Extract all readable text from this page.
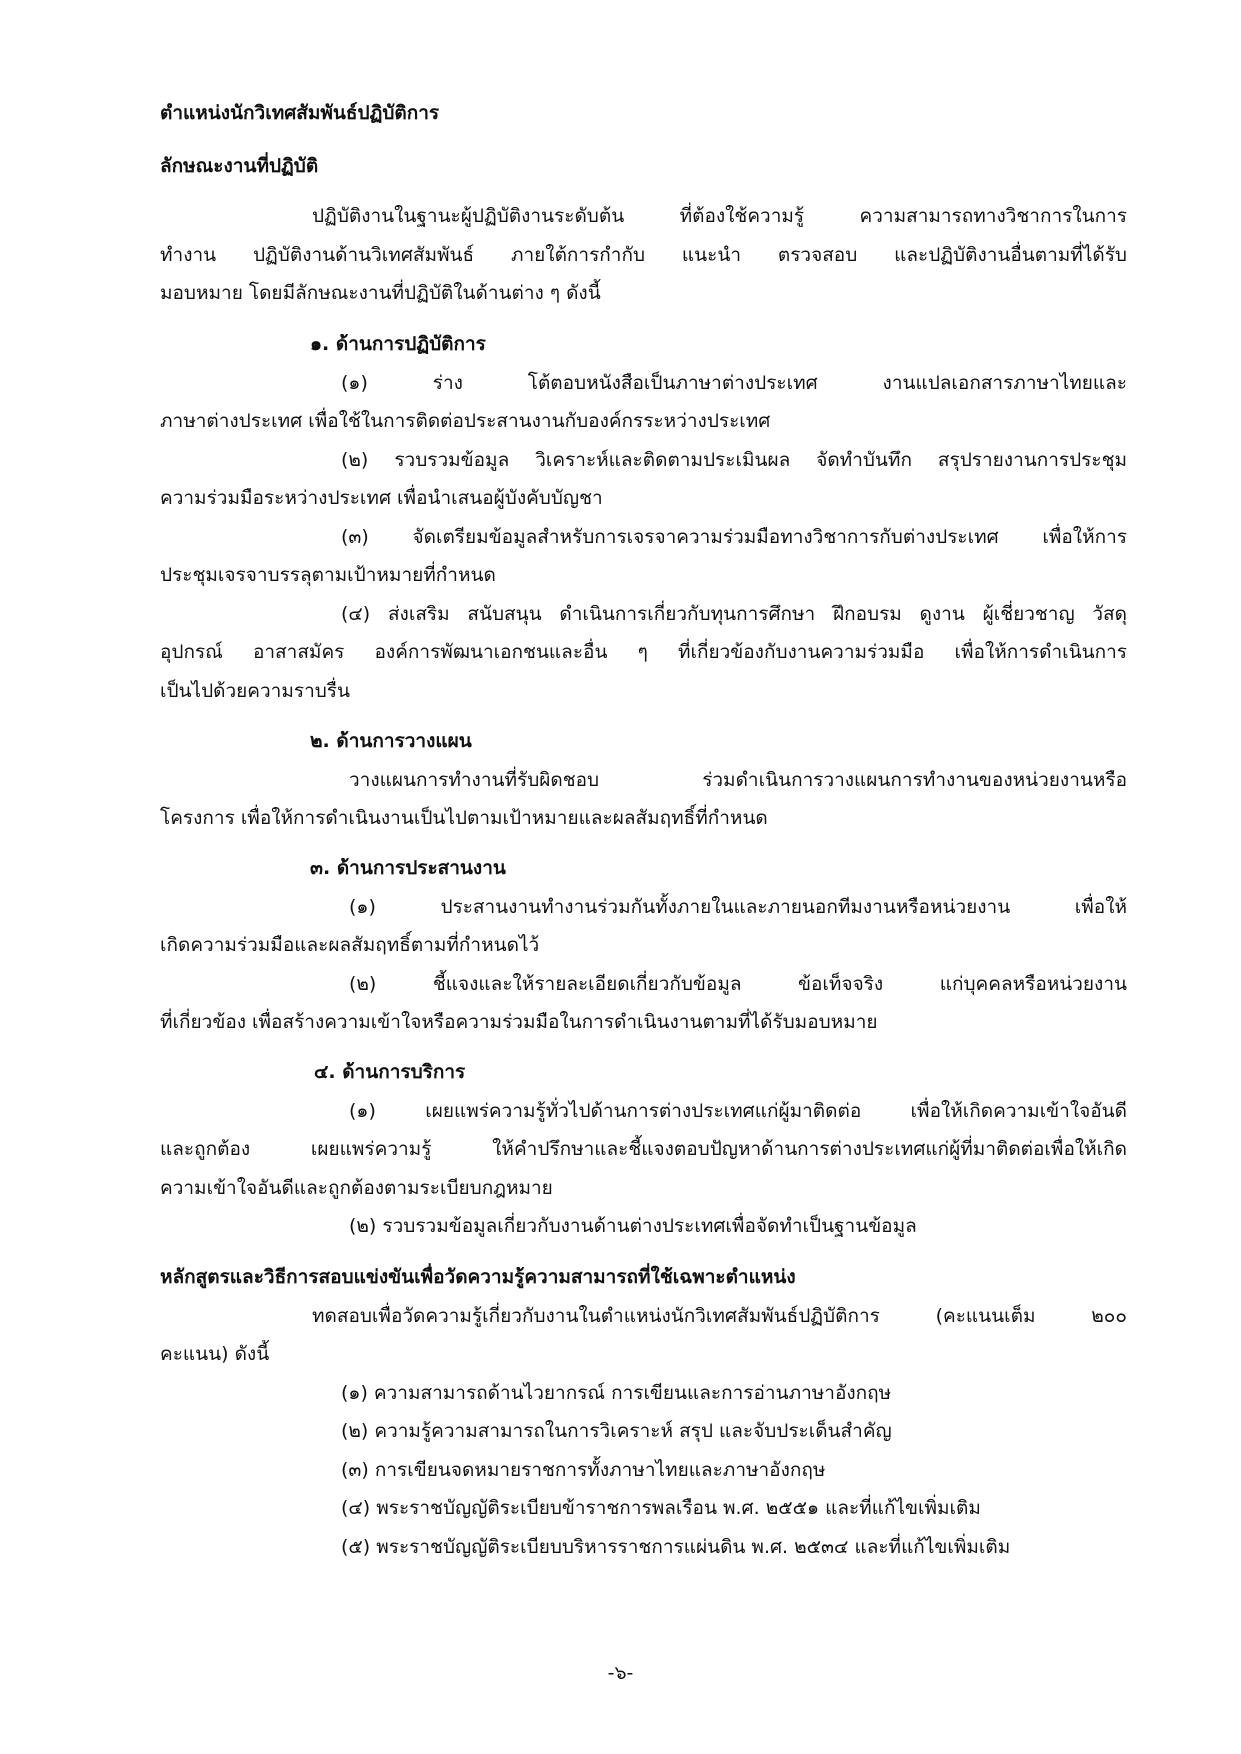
ตำแหน่งนักวิเทศสัมพันธ์ปฏิบัติการ
ลักษณะงานที่ปฏิบัติ
ปฏิบัติงานในฐานะผู้ปฏิบัติงานระดับต้น ที่ต้องใช้ความรู้ ความสามารถทางวิชาการในการ
ทำงาน ปฏิบัติงานด้านวิเทศสัมพันธ์ ภายใต้การกำกับ แนะนำ ตรวจสอบ และปฏิบัติงานอื่นตามที่ได้รับ
มอบหมาย โดยมีลักษณะงานที่ปฏิบัติในด้านต่าง ๆ ดังนี้
๑. ด้านการปฏิบัติการ
(๑) ร่าง โต้ตอบหนังสือเป็นภาษาต่างประเทศ งานแปลเอกสารภาษาไทยและ
ภาษาต่างประเทศ เพื่อใช้ในการติดต่อประสานงานกับองค์กรระหว่างประเทศ
(๒) รวบรวมข้อมูล วิเคราะห์และติดตามประเมินผล จัดทำบันทึก สรุปรายงานการประชุม
ความร่วมมือระหว่างประเทศ เพื่อนำเสนอผู้บังคับบัญชา
(๓) จัดเตรียมข้อมูลสำหรับการเจรจาความร่วมมือทางวิชาการกับต่างประเทศ เพื่อให้การ
ประชุมเจรจาบรรลุตามเป้าหมายที่กำหนด
(๔) ส่งเสริม สนับสนุน ดำเนินการเกี่ยวกับทุนการศึกษา ฝึกอบรม ดูงาน ผู้เชี่ยวชาญ วัสดุ
อุปกรณ์ อาสาสมัคร องค์การพัฒนาเอกชนและอื่น ๆ ที่เกี่ยวข้องกับงานความร่วมมือ เพื่อให้การดำเนินการ
เป็นไปด้วยความราบรื่น
๒. ด้านการวางแผน
วางแผนการทำงานที่รับผิดชอบ ร่วมดำเนินการวางแผนการทำงานของหน่วยงานหรือ
โครงการ เพื่อให้การดำเนินงานเป็นไปตามเป้าหมายและผลสัมฤทธิ์ที่กำหนด
๓. ด้านการประสานงาน
(๑) ประสานงานทำงานร่วมกันทั้งภายในและภายนอกทีมงานหรือหน่วยงาน เพื่อให้
เกิดความร่วมมือและผลสัมฤทธิ์ตามที่กำหนดไว้
(๒) ชี้แจงและให้รายละเอียดเกี่ยวกับข้อมูล ข้อเท็จจริง แก่บุคคลหรือหน่วยงาน
ที่เกี่ยวข้อง เพื่อสร้างความเข้าใจหรือความร่วมมือในการดำเนินงานตามที่ได้รับมอบหมาย
๔. ด้านการบริการ
(๑) เผยแพร่ความรู้ทั่วไปด้านการต่างประเทศแก่ผู้มาติดต่อ เพื่อให้เกิดความเข้าใจอันดี
และถูกต้อง เผยแพร่ความรู้ ให้คำปรึกษาและชี้แจงตอบปัญหาด้านการต่างประเทศแก่ผู้ที่มาติดต่อเพื่อให้เกิด
ความเข้าใจอันดีและถูกต้องตามระเบียบกฎหมาย
(๒) รวบรวมข้อมูลเกี่ยวกับงานด้านต่างประเทศเพื่อจัดทำเป็นฐานข้อมูล
หลักสูตรและวิธีการสอบแข่งขันเพื่อวัดความรู้ความสามารถที่ใช้เฉพาะตำแหน่ง
ทดสอบเพื่อวัดความรู้เกี่ยวกับงานในตำแหน่งนักวิเทศสัมพันธ์ปฏิบัติการ (คะแนนเต็ม ๒๐๐
คะแนน) ดังนี้
(๑) ความสามารถด้านไวยากรณ์ การเขียนและการอ่านภาษาอังกฤษ
(๒) ความรู้ความสามารถในการวิเคราะห์ สรุป และจับประเด็นสำคัญ
(๓) การเขียนจดหมายราชการทั้งภาษาไทยและภาษาอังกฤษ
(๔) พระราชบัญญัติระเบียบข้าราชการพลเรือน พ.ศ. ๒๕๕๑ และที่แก้ไขเพิ่มเติม
(๕) พระราชบัญญัติระเบียบบริหารราชการแผ่นดิน พ.ศ. ๒๕๓๔ และที่แก้ไขเพิ่มเติม
-๖-
